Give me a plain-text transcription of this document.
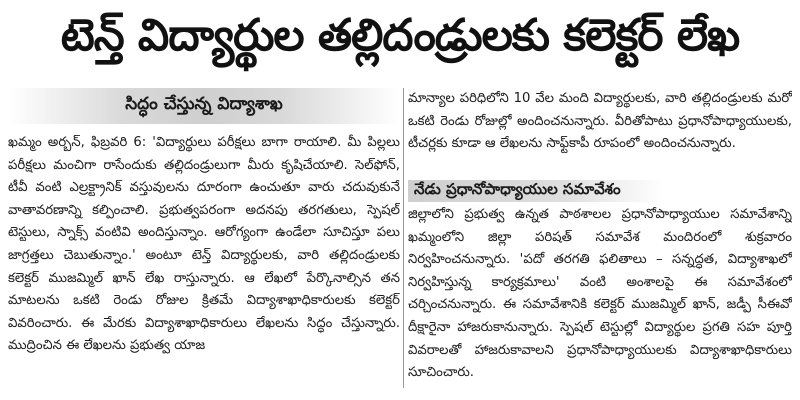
టెన్త్ విద్యార్థుల తల్లిదండ్రులకు కలెక్టర్ లేఖ
సిద్ధం చేస్తున్న విద్యాశాఖ

ఖమ్మం అర్బన్, ఫిబ్రవరి 6: 'విద్యార్థులు పరీక్షలు బాగా రాయాలి. మీ పిల్లలు పరీక్షలు మంచిగా రాసేందుకు తల్లిదండ్రులుగా మీరు కృషిచేయాలి. సెల్‌ఫోన్, టీవీ వంటి ఎల్రక్ట్రానిక్ వస్తువులను దూరంగా ఉంచుతూ వారు చదువుకునే వాతావరణాన్ని కల్పించాలి. ప్రభుత్వపరంగా అదనపు తరగతులు, స్పెషల్ టెస్టులు, స్నాక్స్ వంటివి అందిస్తున్నాం. ఆరోగ్యంగా ఉండేలా సూచిస్తూ పలు జాగ్రత్తలు చెబుతున్నాం.' అంటూ టెన్త్ విద్యార్థులకు, వారి తల్లిదండ్రులకు కలెక్టర్ ముజమ్మిల్ ఖాన్ లేఖ రాస్తున్నారు. ఆ లేఖలో పేర్కొనాల్సిన తన మాటలను ఒకటి రెండు రోజుల క్రితమే విద్యాశాఖాధికారులకు కలెక్టర్ వివరించారు. ఈ మేరకు విద్యాశాఖాధికారులు లేఖలను సిద్ధం చేస్తున్నారు. ముద్రించిన ఈ లేఖలను ప్రభుత్వ యాజ

మాన్యాల పరిధిలోని 10 వేల మంది విద్యార్థులకు, వారి తల్లిదండ్రులకు మరో ఒకటి రెండు రోజుల్లో అందించనున్నారు. వీరితోపాటు ప్రధానోపాధ్యాయులకు, టీచర్లకు కూడా ఆ లేఖలను సాఫ్ట్‌కాపీ రూపంలో అందించనున్నారు.

నేడు ప్రధానోపాధ్యాయుల సమావేశం

జిల్లాలోని ప్రభుత్వ ఉన్నత పాఠశాలల ప్రధానోపాధ్యాయుల సమావేశాన్ని ఖమ్మంలోని జిల్లా పరిషత్ సమావేశ మందిరంలో శుక్రవారం నిర్వహించనున్నారు. 'పదో తరగతి ఫలితాలు – సన్నద్ధత, విద్యాశాఖలో నిర్వహిస్తున్న కార్యక్రమాలు' వంటి అంశాలపై ఈ సమావేశంలో చర్చించనున్నారు. ఈ సమావేశానికి కలెక్టర్ ముజమ్మిల్ ఖాన్, జడ్పీ సీఈవో దీక్షారైనా హాజరుకానున్నారు. స్పెషల్ టెస్టుల్లో విద్యార్థుల ప్రగతి సహ పూర్తి వివరాలతో హాజరుకావాలని ప్రధానోపాధ్యాయులకు విద్యాశాఖాధికారులు సూచించారు.
